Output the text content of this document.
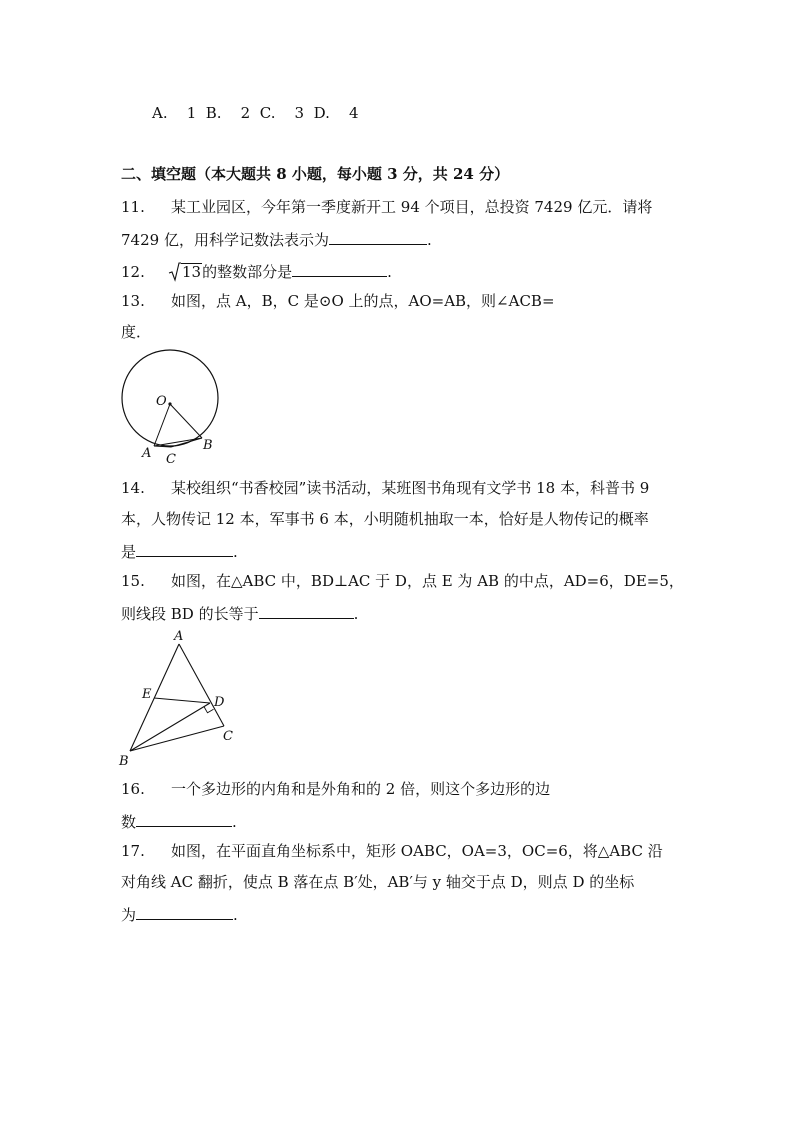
A. 1 B. 2 C. 3 D. 4
二、填空题（本大题共 8 小题，每小题 3 分，共 24 分）
11. 某工业园区，今年第一季度新开工 94 个项目，总投资 7429 亿元．请将
7429 亿，用科学记数法表示为	.
12. 13的整数部分是	.
13. 如图，点 A，B，C 是⊙O 上的点，AO=AB，则∠ACB=
度．
O
A C
B
14. 某校组织“书香校园”读书活动，某班图书角现有文学书 18 本，科普书 9
本，人物传记 12 本，军事书 6 本，小明随机抽取一本，恰好是人物传记的概率
是	.
15. 如图，在△ABC 中，BD⊥AC 于 D，点 E 为 AB 的中点，AD=6，DE=5，
则线段 BD 的长等于	.
A
E
D
C
B
16. 一个多边形的内角和是外角和的 2 倍，则这个多边形的边
数	.
17. 如图，在平面直角坐标系中，矩形 OABC，OA=3，OC=6，将△ABC 沿
对角线 AC 翻折，使点 B 落在点 B′处，AB′与 y 轴交于点 D，则点 D 的坐标
为	.
